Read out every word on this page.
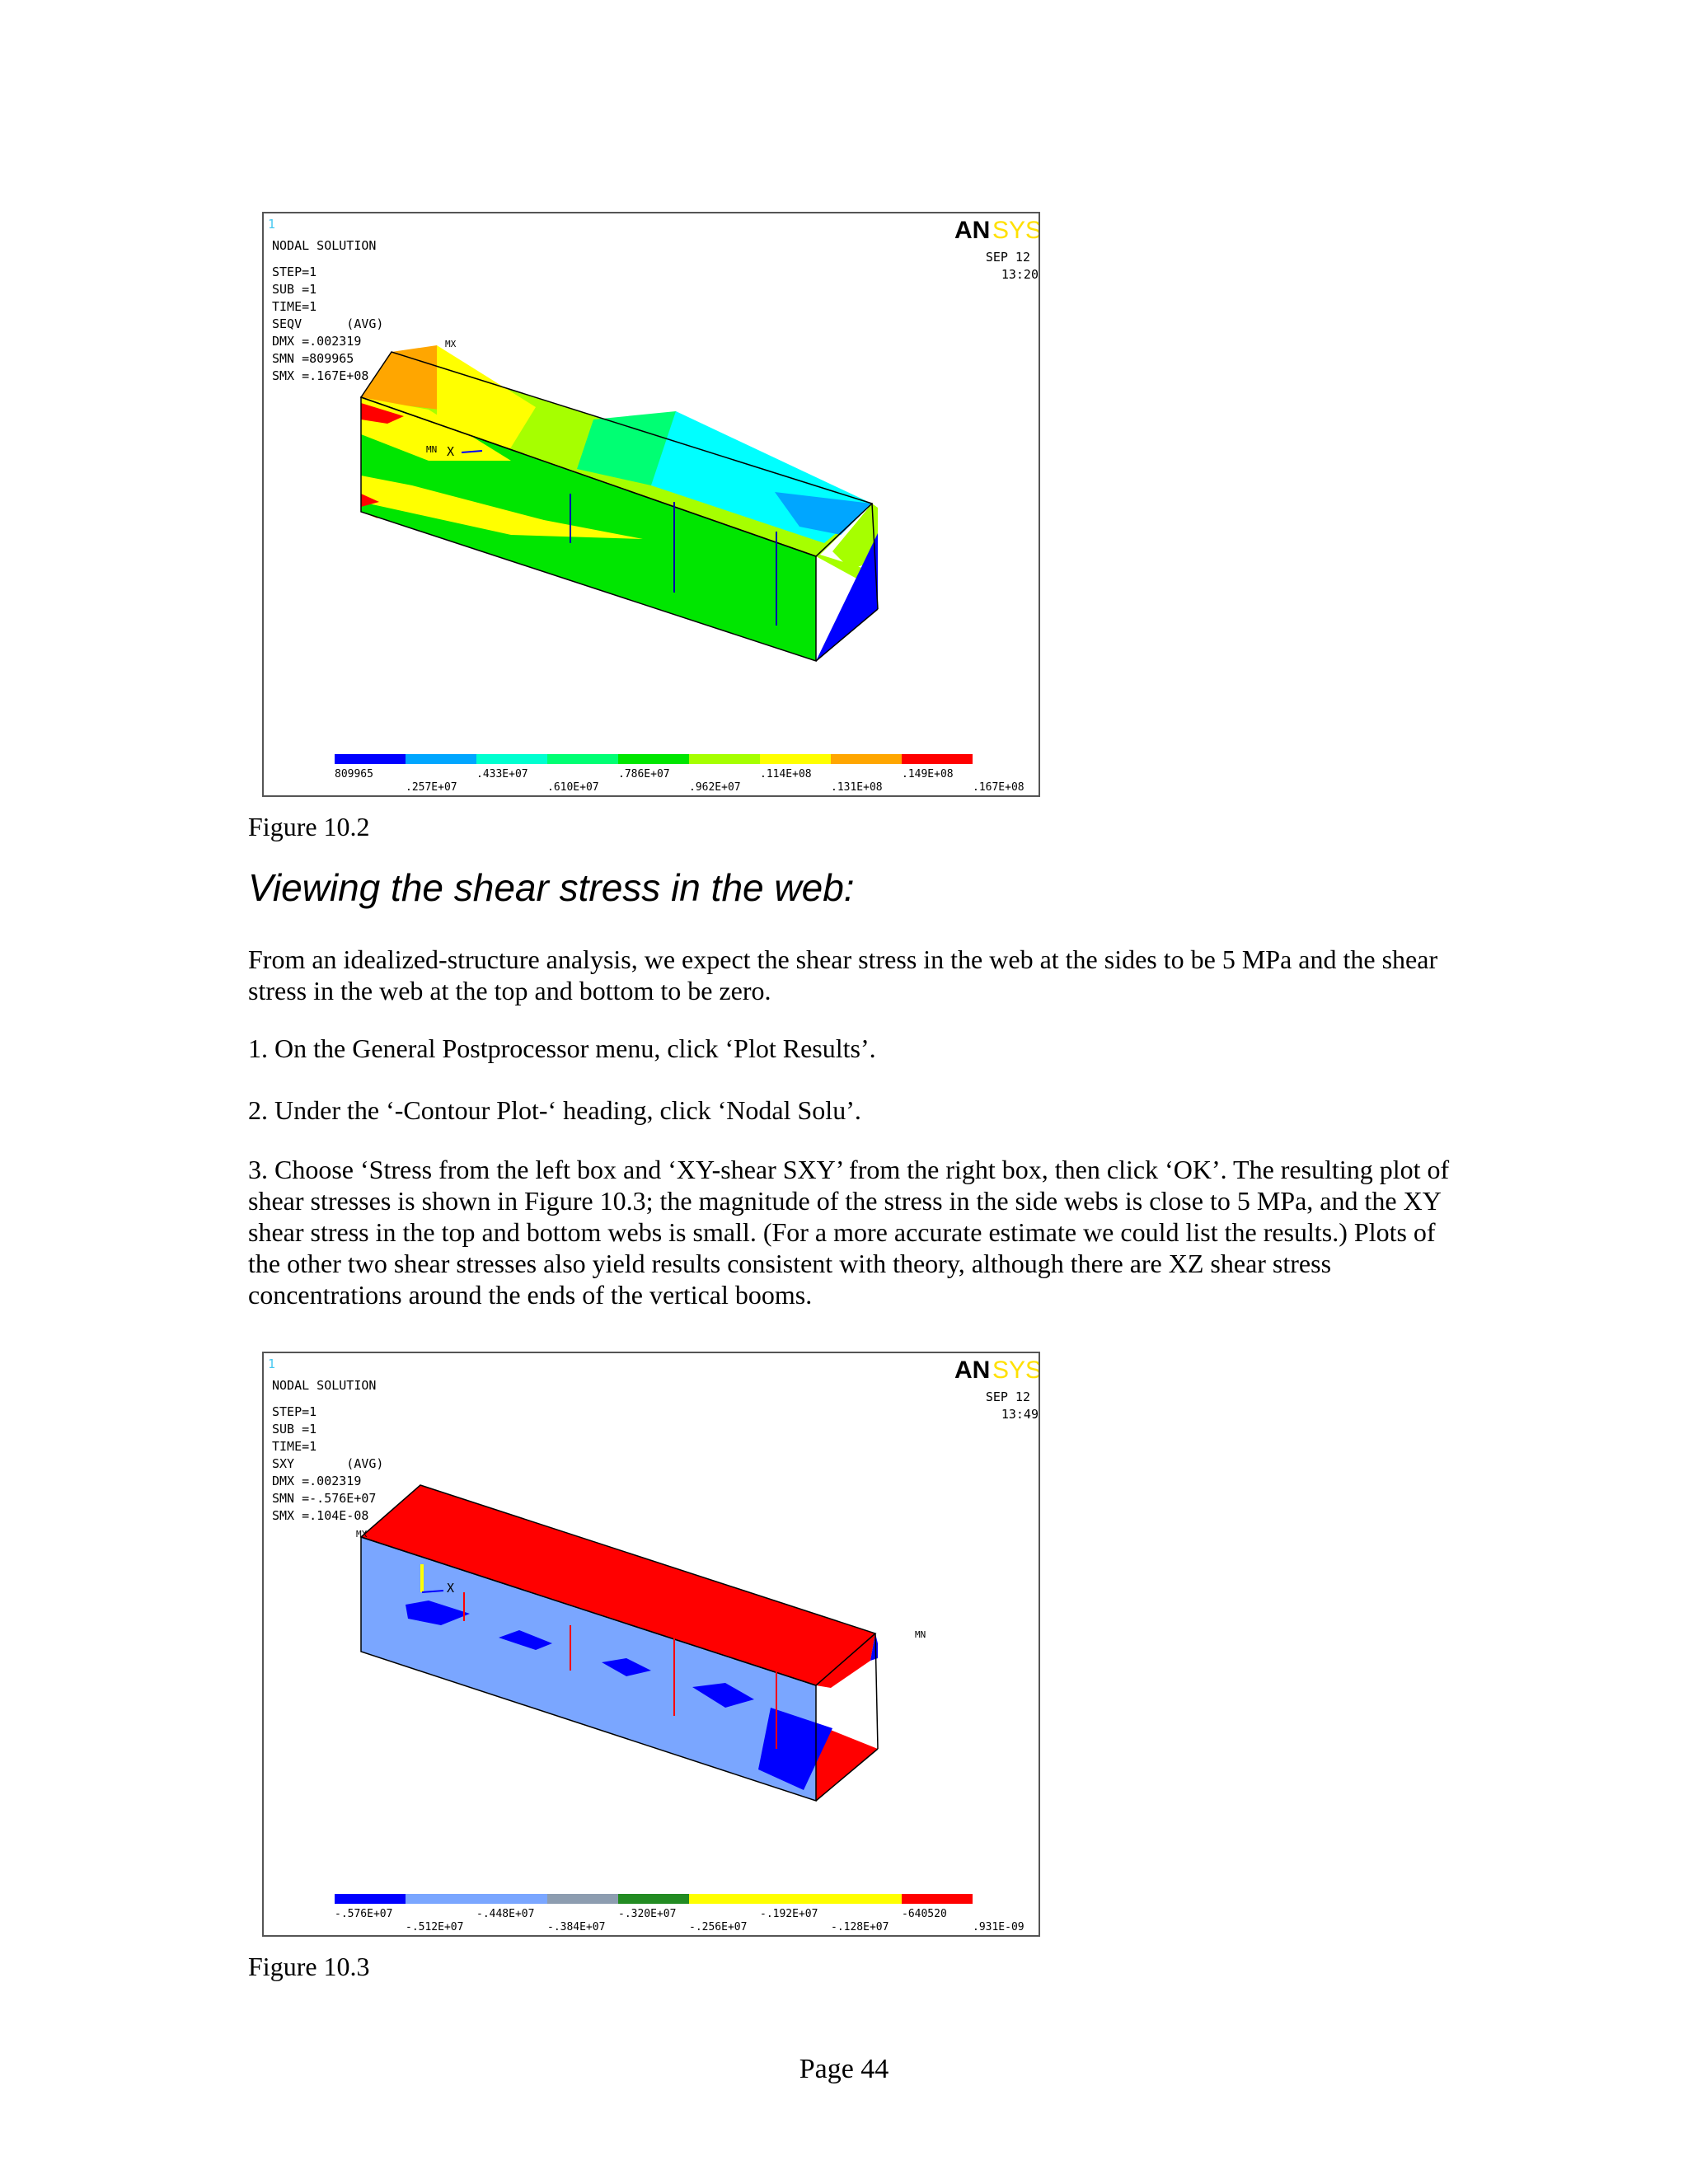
1
NODAL SOLUTION
STEP=1
SUB =1
TIME=1
SEQV      (AVG)
DMX =.002319
SMN =809965
SMX =.167E+08
AN SYS
SEP 12
13:20
MX
MN X
809965	.433E+07	.786E+07	.114E+08	.149E+08
.257E+07	.610E+07	.962E+07	.131E+08	.167E+08
Figure 10.2
Viewing the shear stress in the web:

From an idealized-structure analysis, we expect the shear stress in the web at the sides to be 5 MPa and the shear stress in the web at the top and bottom to be zero.

1. On the General Postprocessor menu, click ‘Plot Results’.

2. Under the ‘-Contour Plot-‘ heading, click ‘Nodal Solu’.

3. Choose ‘Stress from the left box and ‘XY-shear SXY’ from the right box, then click ‘OK’. The resulting plot of shear stresses is shown in Figure 10.3; the magnitude of the stress in the side webs is close to 5 MPa, and the XY shear stress in the top and bottom webs is small. (For a more accurate estimate we could list the results.) Plots of the other two shear stresses also yield results consistent with theory, although there are XZ shear stress concentrations around the ends of the vertical booms.

1
NODAL SOLUTION
STEP=1
SUB =1
TIME=1
SXY       (AVG)
DMX =.002319
SMN =-.576E+07
SMX =.104E-08
AN SYS
SEP 12
13:49
MX
MN
X
-.576E+07	-.448E+07	-.320E+07	-.192E+07	-640520
-.512E+07	-.384E+07	-.256E+07	-.128E+07	.931E-09
Figure 10.3
Page 44
